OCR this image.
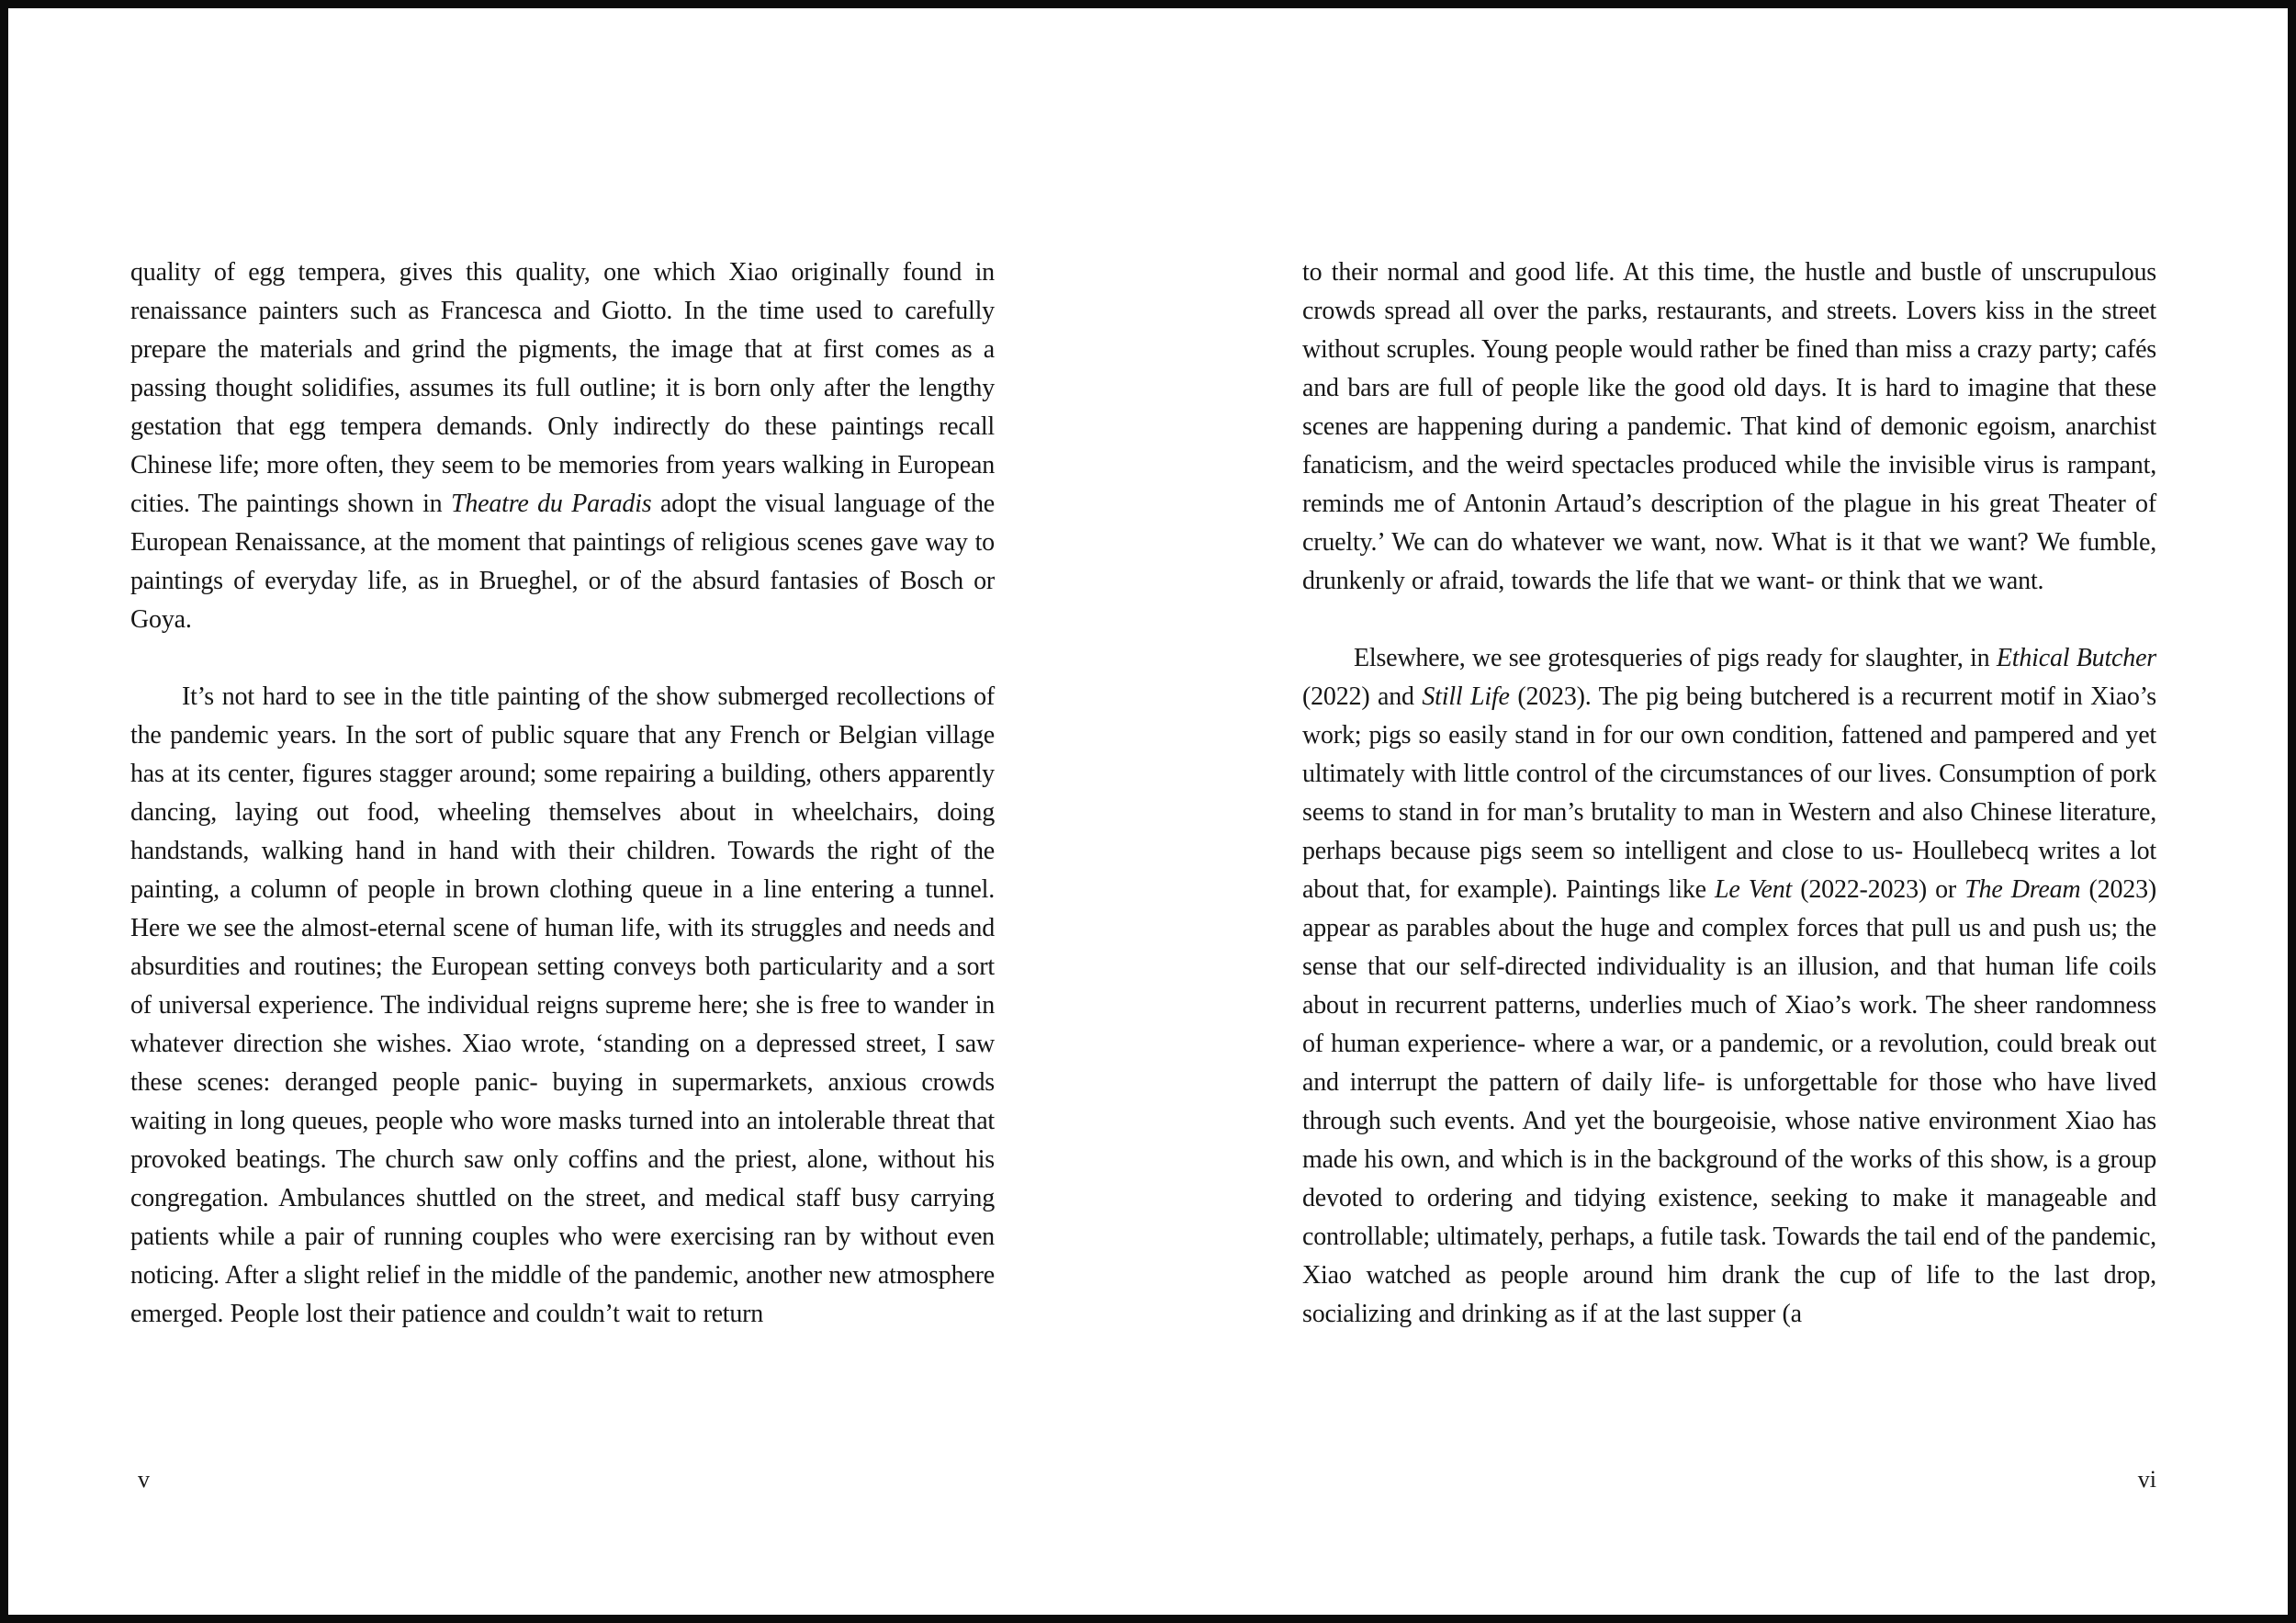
quality of egg tempera, gives this quality, one which Xiao originally found in renaissance painters such as Francesca and Giotto. In the time used to carefully prepare the materials and grind the pigments, the image that at first comes as a passing thought solidifies, assumes its full outline; it is born only after the lengthy gestation that egg tempera demands. Only indirectly do these paintings recall Chinese life; more often, they seem to be memories from years walking in European cities. The paintings shown in Theatre du Paradis adopt the visual language of the European Renaissance, at the moment that paintings of religious scenes gave way to paintings of everyday life, as in Brueghel, or of the absurd fantasies of Bosch or Goya.

It’s not hard to see in the title painting of the show submerged recollections of the pandemic years. In the sort of public square that any French or Belgian village has at its center, figures stagger around; some repairing a building, others apparently dancing, laying out food, wheeling themselves about in wheelchairs, doing handstands, walking hand in hand with their children. Towards the right of the painting, a column of people in brown clothing queue in a line entering a tunnel. Here we see the almost-eternal scene of human life, with its struggles and needs and absurdities and routines; the European setting conveys both particularity and a sort of universal experience. The individual reigns supreme here; she is free to wander in whatever direction she wishes. Xiao wrote, ‘standing on a depressed street, I saw these scenes: deranged people panic- buying in supermarkets, anxious crowds waiting in long queues, people who wore masks turned into an intolerable threat that provoked beatings. The church saw only coffins and the priest, alone, without his congregation. Ambulances shuttled on the street, and medical staff busy carrying patients while a pair of running couples who were exercising ran by without even noticing. After a slight relief in the middle of the pandemic, another new atmosphere emerged. People lost their patience and couldn’t wait to return

v

to their normal and good life. At this time, the hustle and bustle of unscrupulous crowds spread all over the parks, restaurants, and streets. Lovers kiss in the street without scruples. Young people would rather be fined than miss a crazy party; cafés and bars are full of people like the good old days. It is hard to imagine that these scenes are happening during a pandemic. That kind of demonic egoism, anarchist fanaticism, and the weird spectacles produced while the invisible virus is rampant, reminds me of Antonin Artaud’s description of the plague in his great Theater of cruelty.’ We can do whatever we want, now. What is it that we want? We fumble, drunkenly or afraid, towards the life that we want- or think that we want.

Elsewhere, we see grotesqueries of pigs ready for slaughter, in Ethical Butcher (2022) and Still Life (2023). The pig being butchered is a recurrent motif in Xiao’s work; pigs so easily stand in for our own condition, fattened and pampered and yet ultimately with little control of the circumstances of our lives. Consumption of pork seems to stand in for man’s brutality to man in Western and also Chinese literature, perhaps because pigs seem so intelligent and close to us- Houllebecq writes a lot about that, for example). Paintings like Le Vent (2022-2023) or The Dream (2023) appear as parables about the huge and complex forces that pull us and push us; the sense that our self-directed individuality is an illusion, and that human life coils about in recurrent patterns, underlies much of Xiao’s work. The sheer randomness of human experience- where a war, or a pandemic, or a revolution, could break out and interrupt the pattern of daily life- is unforgettable for those who have lived through such events. And yet the bourgeoisie, whose native environment Xiao has made his own, and which is in the background of the works of this show, is a group devoted to ordering and tidying existence, seeking to make it manageable and controllable; ultimately, perhaps, a futile task. Towards the tail end of the pandemic, Xiao watched as people around him drank the cup of life to the last drop, socializing and drinking as if at the last supper (a

vi
